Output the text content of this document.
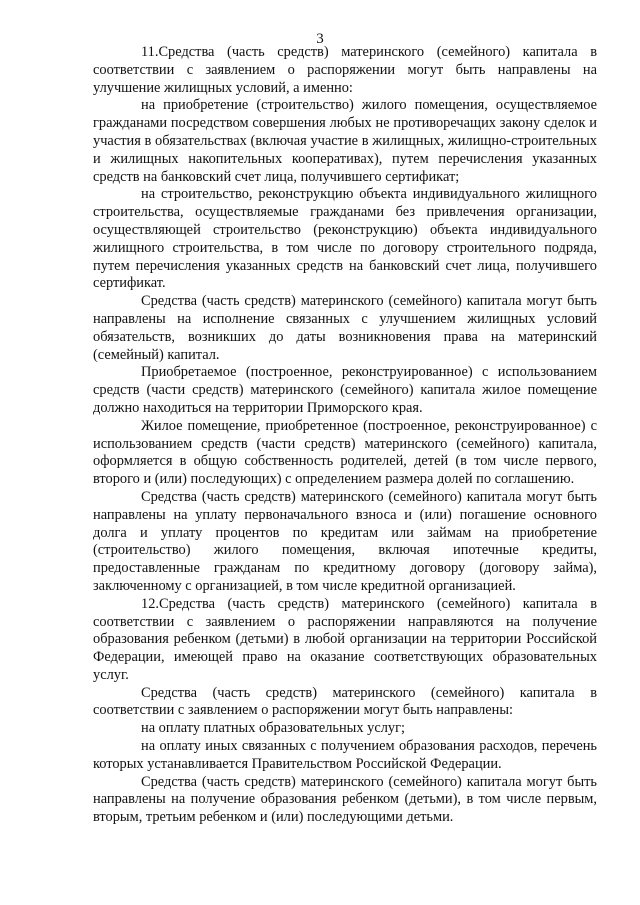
3

11.Средства (часть средств) материнского (семейного) капитала в соответствии с заявлением о распоряжении могут быть направлены на улучшение жилищных условий, а именно:

на приобретение (строительство) жилого помещения, осуществляемое гражданами посредством совершения любых не противоречащих закону сделок и участия в обязательствах (включая участие в жилищных, жилищно-строительных и жилищных накопительных кооперативах), путем перечисления указанных средств на банковский счет лица, получившего сертификат;

на строительство, реконструкцию объекта индивидуального жилищного строительства, осуществляемые гражданами без привлечения организации, осуществляющей строительство (реконструкцию) объекта индивидуального жилищного строительства, в том числе по договору строительного подряда, путем перечисления указанных средств на банковский счет лица, получившего сертификат.

Средства (часть средств) материнского (семейного) капитала могут быть направлены на исполнение связанных с улучшением жилищных условий обязательств, возникших до даты возникновения права на материнский (семейный) капитал.

Приобретаемое (построенное, реконструированное) с использованием средств (части средств) материнского (семейного) капитала жилое помещение должно находиться на территории Приморского края.

Жилое помещение, приобретенное (построенное, реконструированное) с использованием средств (части средств) материнского (семейного) капитала, оформляется в общую собственность родителей, детей (в том числе первого, второго и (или) последующих) с определением размера долей по соглашению.

Средства (часть средств) материнского (семейного) капитала могут быть направлены на уплату первоначального взноса и (или) погашение основного долга и уплату процентов по кредитам или займам на приобретение (строительство) жилого помещения, включая ипотечные кредиты, предоставленные гражданам по кредитному договору (договору займа), заключенному с организацией, в том числе кредитной организацией.

12.Средства (часть средств) материнского (семейного) капитала в соответствии с заявлением о распоряжении направляются на получение образования ребенком (детьми) в любой организации на территории Российской Федерации, имеющей право на оказание соответствующих образовательных услуг.

Средства (часть средств) материнского (семейного) капитала в соответствии с заявлением о распоряжении могут быть направлены:

на оплату платных образовательных услуг;

на оплату иных связанных с получением образования расходов, перечень которых устанавливается Правительством Российской Федерации.

Средства (часть средств) материнского (семейного) капитала могут быть направлены на получение образования ребенком (детьми), в том числе первым, вторым, третьим ребенком и (или) последующими детьми.
